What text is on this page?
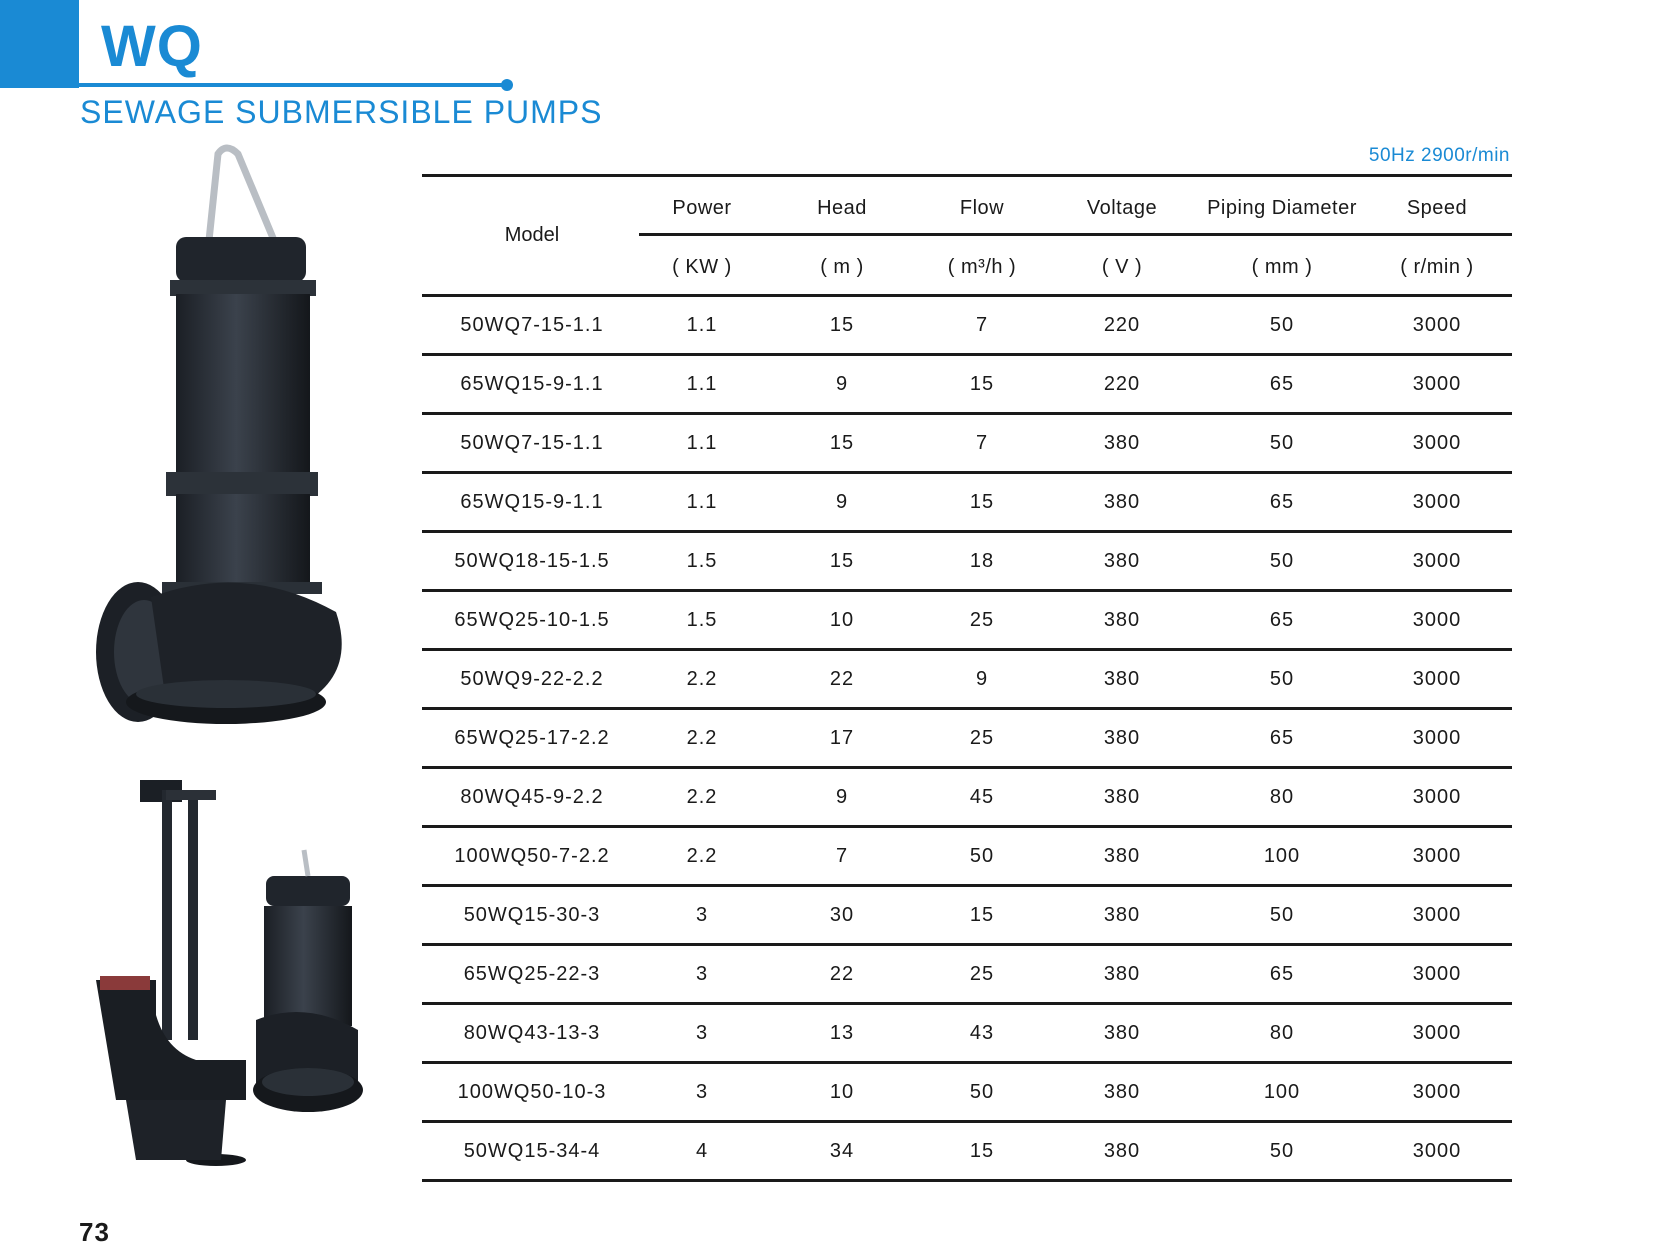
WQ
SEWAGE SUBMERSIBLE PUMPS
50Hz 2900r/min
Model
Power	Head	Flow	Voltage	Piping Diameter	Speed
( KW )	( m )	( m³/h )	( V )	( mm )	( r/min )
50WQ7-15-1.1	1.1	15	7	220	50	3000
65WQ15-9-1.1	1.1	9	15	220	65	3000
50WQ7-15-1.1	1.1	15	7	380	50	3000
65WQ15-9-1.1	1.1	9	15	380	65	3000
50WQ18-15-1.5	1.5	15	18	380	50	3000
65WQ25-10-1.5	1.5	10	25	380	65	3000
50WQ9-22-2.2	2.2	22	9	380	50	3000
65WQ25-17-2.2	2.2	17	25	380	65	3000
80WQ45-9-2.2	2.2	9	45	380	80	3000
100WQ50-7-2.2	2.2	7	50	380	100	3000
50WQ15-30-3	3	30	15	380	50	3000
65WQ25-22-3	3	22	25	380	65	3000
80WQ43-13-3	3	13	43	380	80	3000
100WQ50-10-3	3	10	50	380	100	3000
50WQ15-34-4	4	34	15	380	50	3000
73
